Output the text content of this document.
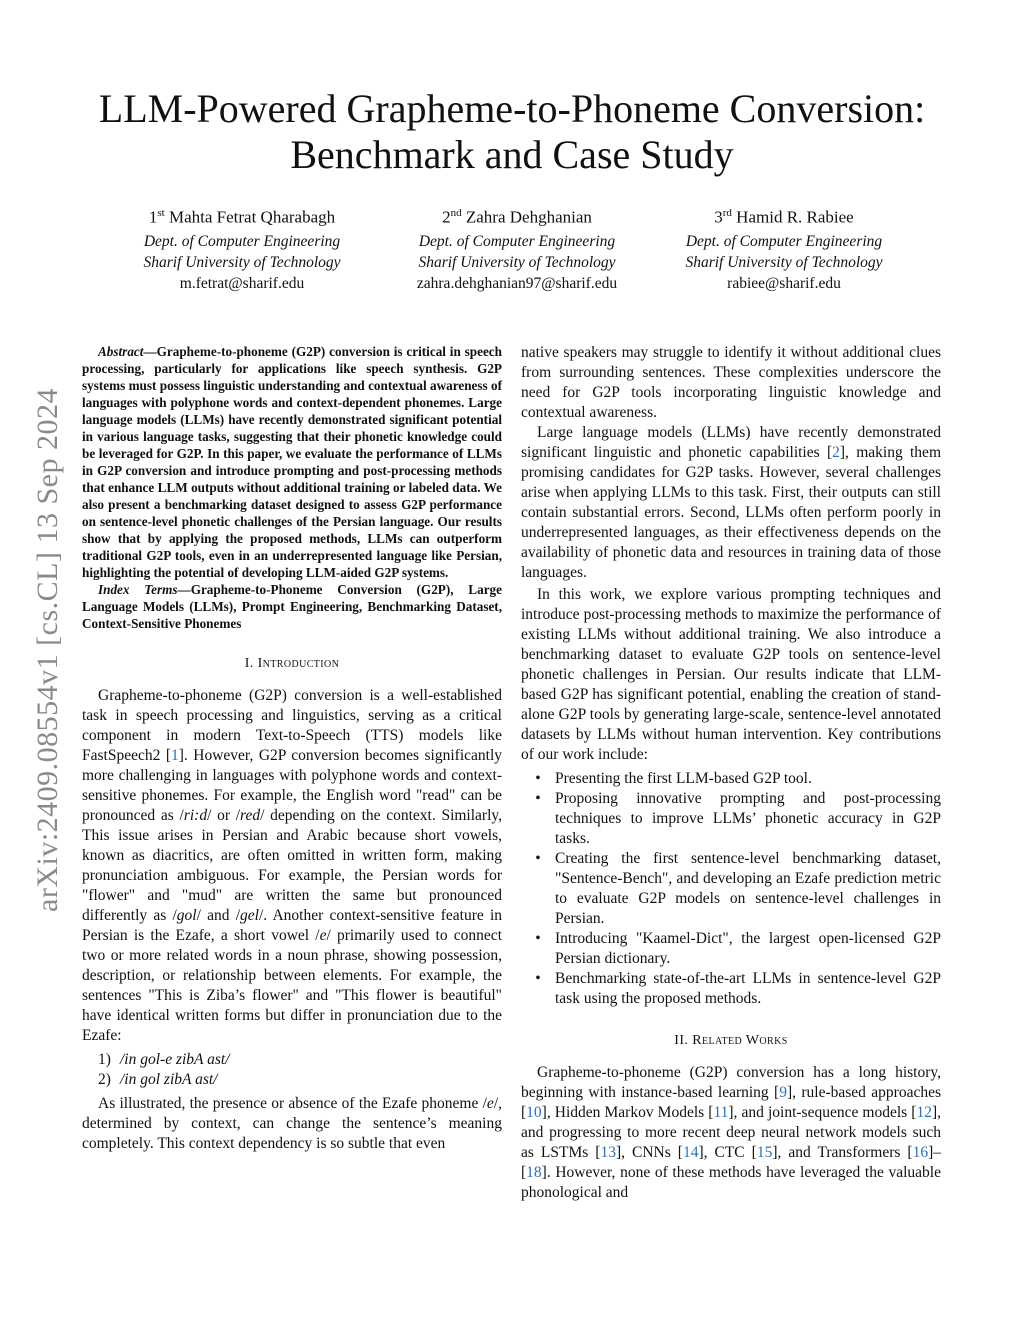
arXiv:2409.08554v1 [cs.CL] 13 Sep 2024
LLM-Powered Grapheme-to-Phoneme Conversion:
Benchmark and Case Study
1st Mahta Fetrat Qharabagh
Dept. of Computer Engineering
Sharif University of Technology
m.fetrat@sharif.edu
2nd Zahra Dehghanian
Dept. of Computer Engineering
Sharif University of Technology
zahra.dehghanian97@sharif.edu
3rd Hamid R. Rabiee
Dept. of Computer Engineering
Sharif University of Technology
rabiee@sharif.edu

Abstract—Grapheme-to-phoneme (G2P) conversion is critical in speech processing, particularly for applications like speech synthesis. G2P systems must possess linguistic understanding and contextual awareness of languages with polyphone words and context-dependent phonemes. Large language models (LLMs) have recently demonstrated significant potential in various language tasks, suggesting that their phonetic knowledge could be leveraged for G2P. In this paper, we evaluate the performance of LLMs in G2P conversion and introduce prompting and post-processing methods that enhance LLM outputs without additional training or labeled data. We also present a benchmarking dataset designed to assess G2P performance on sentence-level phonetic challenges of the Persian language. Our results show that by applying the proposed methods, LLMs can outperform traditional G2P tools, even in an underrepresented language like Persian, highlighting the potential of developing LLM-aided G2P systems.

Index Terms—Grapheme-to-Phoneme Conversion (G2P), Large Language Models (LLMs), Prompt Engineering, Benchmarking Dataset, Context-Sensitive Phonemes

I. Introduction

Grapheme-to-phoneme (G2P) conversion is a well-established task in speech processing and linguistics, serving as a critical component in modern Text-to-Speech (TTS) models like FastSpeech2 [1]. However, G2P conversion becomes significantly more challenging in languages with polyphone words and context-sensitive phonemes. For example, the English word "read" can be pronounced as /ri:d/ or /red/ depending on the context. Similarly, This issue arises in Persian and Arabic because short vowels, known as diacritics, are often omitted in written form, making pronunciation ambiguous. For example, the Persian words for "flower" and "mud" are written the same but pronounced differently as /gol/ and /gel/. Another context-sensitive feature in Persian is the Ezafe, a short vowel /e/ primarily used to connect two or more related words in a noun phrase, showing possession, description, or relationship between elements. For example, the sentences "This is Ziba’s flower" and "This flower is beautiful" have identical written forms but differ in pronunciation due to the Ezafe:

1) /in gol-e zibA ast/
2) /in gol zibA ast/

As illustrated, the presence or absence of the Ezafe phoneme /e/, determined by context, can change the sentence’s meaning completely. This context dependency is so subtle that even

native speakers may struggle to identify it without additional clues from surrounding sentences. These complexities underscore the need for G2P tools incorporating linguistic knowledge and contextual awareness.

Large language models (LLMs) have recently demonstrated significant linguistic and phonetic capabilities [2], making them promising candidates for G2P tasks. However, several challenges arise when applying LLMs to this task. First, their outputs can still contain substantial errors. Second, LLMs often perform poorly in underrepresented languages, as their effectiveness depends on the availability of phonetic data and resources in training data of those languages.

In this work, we explore various prompting techniques and introduce post-processing methods to maximize the performance of existing LLMs without additional training. We also introduce a benchmarking dataset to evaluate G2P tools on sentence-level phonetic challenges in Persian. Our results indicate that LLM-based G2P has significant potential, enabling the creation of stand-alone G2P tools by generating large-scale, sentence-level annotated datasets by LLMs without human intervention. Key contributions of our work include:

• Presenting the first LLM-based G2P tool.
• Proposing innovative prompting and post-processing techniques to improve LLMs’ phonetic accuracy in G2P tasks.
• Creating the first sentence-level benchmarking dataset, "Sentence-Bench", and developing an Ezafe prediction metric to evaluate G2P models on sentence-level challenges in Persian.
• Introducing "Kaamel-Dict", the largest open-licensed G2P Persian dictionary.
• Benchmarking state-of-the-art LLMs in sentence-level G2P task using the proposed methods.
II. Related Works

Grapheme-to-phoneme (G2P) conversion has a long history, beginning with instance-based learning [9], rule-based approaches [10], Hidden Markov Models [11], and joint-sequence models [12], and progressing to more recent deep neural network models such as LSTMs [13], CNNs [14], CTC [15], and Transformers [16]–[18]. However, none of these methods have leveraged the valuable phonological and
